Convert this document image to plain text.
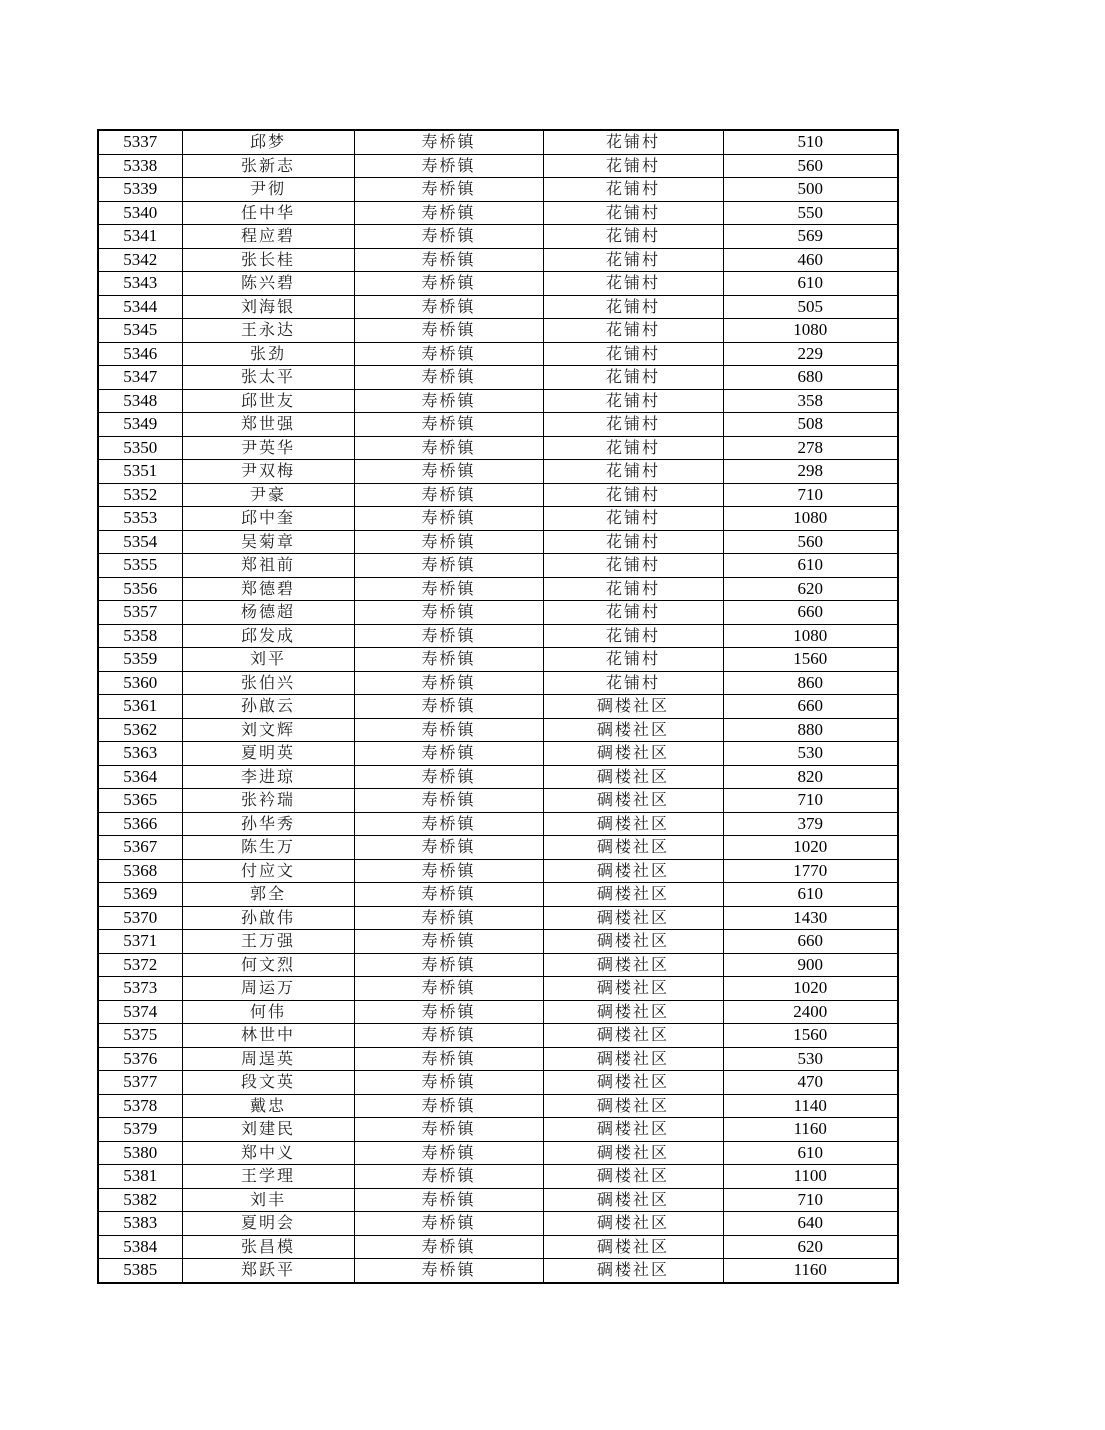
5337	邱梦	寿桥镇	花铺村	510
5338	张新志	寿桥镇	花铺村	560
5339	尹彻	寿桥镇	花铺村	500
5340	任中华	寿桥镇	花铺村	550
5341	程应碧	寿桥镇	花铺村	569
5342	张长桂	寿桥镇	花铺村	460
5343	陈兴碧	寿桥镇	花铺村	610
5344	刘海银	寿桥镇	花铺村	505
5345	王永达	寿桥镇	花铺村	1080
5346	张劲	寿桥镇	花铺村	229
5347	张太平	寿桥镇	花铺村	680
5348	邱世友	寿桥镇	花铺村	358
5349	郑世强	寿桥镇	花铺村	508
5350	尹英华	寿桥镇	花铺村	278
5351	尹双梅	寿桥镇	花铺村	298
5352	尹豪	寿桥镇	花铺村	710
5353	邱中奎	寿桥镇	花铺村	1080
5354	吴菊章	寿桥镇	花铺村	560
5355	郑祖前	寿桥镇	花铺村	610
5356	郑德碧	寿桥镇	花铺村	620
5357	杨德超	寿桥镇	花铺村	660
5358	邱发成	寿桥镇	花铺村	1080
5359	刘平	寿桥镇	花铺村	1560
5360	张伯兴	寿桥镇	花铺村	860
5361	孙啟云	寿桥镇	碉楼社区	660
5362	刘文辉	寿桥镇	碉楼社区	880
5363	夏明英	寿桥镇	碉楼社区	530
5364	李进琼	寿桥镇	碉楼社区	820
5365	张衿瑞	寿桥镇	碉楼社区	710
5366	孙华秀	寿桥镇	碉楼社区	379
5367	陈生万	寿桥镇	碉楼社区	1020
5368	付应文	寿桥镇	碉楼社区	1770
5369	郭全	寿桥镇	碉楼社区	610
5370	孙啟伟	寿桥镇	碉楼社区	1430
5371	王万强	寿桥镇	碉楼社区	660
5372	何文烈	寿桥镇	碉楼社区	900
5373	周运万	寿桥镇	碉楼社区	1020
5374	何伟	寿桥镇	碉楼社区	2400
5375	林世中	寿桥镇	碉楼社区	1560
5376	周逞英	寿桥镇	碉楼社区	530
5377	段文英	寿桥镇	碉楼社区	470
5378	戴忠	寿桥镇	碉楼社区	1140
5379	刘建民	寿桥镇	碉楼社区	1160
5380	郑中义	寿桥镇	碉楼社区	610
5381	王学理	寿桥镇	碉楼社区	1100
5382	刘丰	寿桥镇	碉楼社区	710
5383	夏明会	寿桥镇	碉楼社区	640
5384	张昌模	寿桥镇	碉楼社区	620
5385	郑跃平	寿桥镇	碉楼社区	1160
